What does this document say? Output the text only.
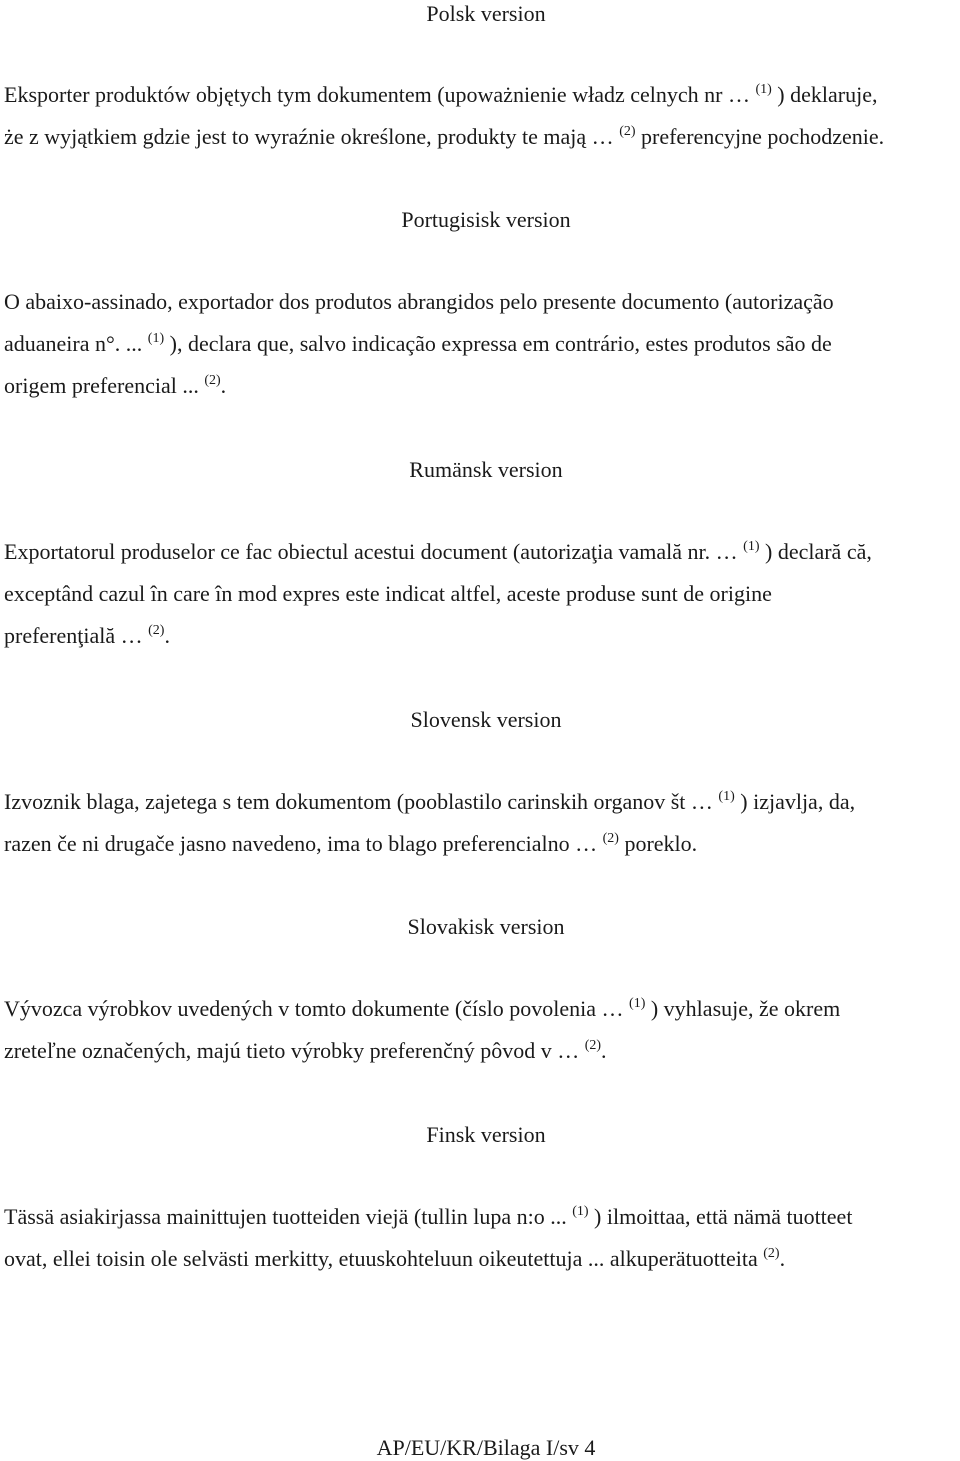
Polsk version
Eksporter produktów objętych tym dokumentem (upoważnienie władz celnych nr … $^{(1)}$ ) deklaruje,
że z wyjątkiem gdzie jest to wyraźnie określone, produkty te mają … $^{(2)}$ preferencyjne pochodzenie.
Portugisisk version
O abaixo-assinado, exportador dos produtos abrangidos pelo presente documento (autorização
aduaneira n°. ... $^{(1)}$ ), declara que, salvo indicação expressa em contrário, estes produtos são de
origem preferencial ... $^{(2)}$.
Rumänsk version
Exportatorul produselor ce fac obiectul acestui document (autorizaţia vamală nr. … $^{(1)}$ ) declară că,
exceptând cazul în care în mod expres este indicat altfel, aceste produse sunt de origine
preferenţială … $^{(2)}$.
Slovensk version
Izvoznik blaga, zajetega s tem dokumentom (pooblastilo carinskih organov št … $^{(1)}$ ) izjavlja, da,
razen če ni drugače jasno navedeno, ima to blago preferencialno … $^{(2)}$ poreklo.
Slovakisk version
Vývozca výrobkov uvedených v tomto dokumente (číslo povolenia … $^{(1)}$ ) vyhlasuje, že okrem
zreteľne označených, majú tieto výrobky preferenčný pôvod v … $^{(2)}$.
Finsk version
Tässä asiakirjassa mainittujen tuotteiden viejä (tullin lupa n:o ... $^{(1)}$ ) ilmoittaa, että nämä tuotteet
ovat, ellei toisin ole selvästi merkitty, etuuskohteluun oikeutettuja ... alkuperätuotteita $^{(2)}$.
AP/EU/KR/Bilaga I/sv 4
